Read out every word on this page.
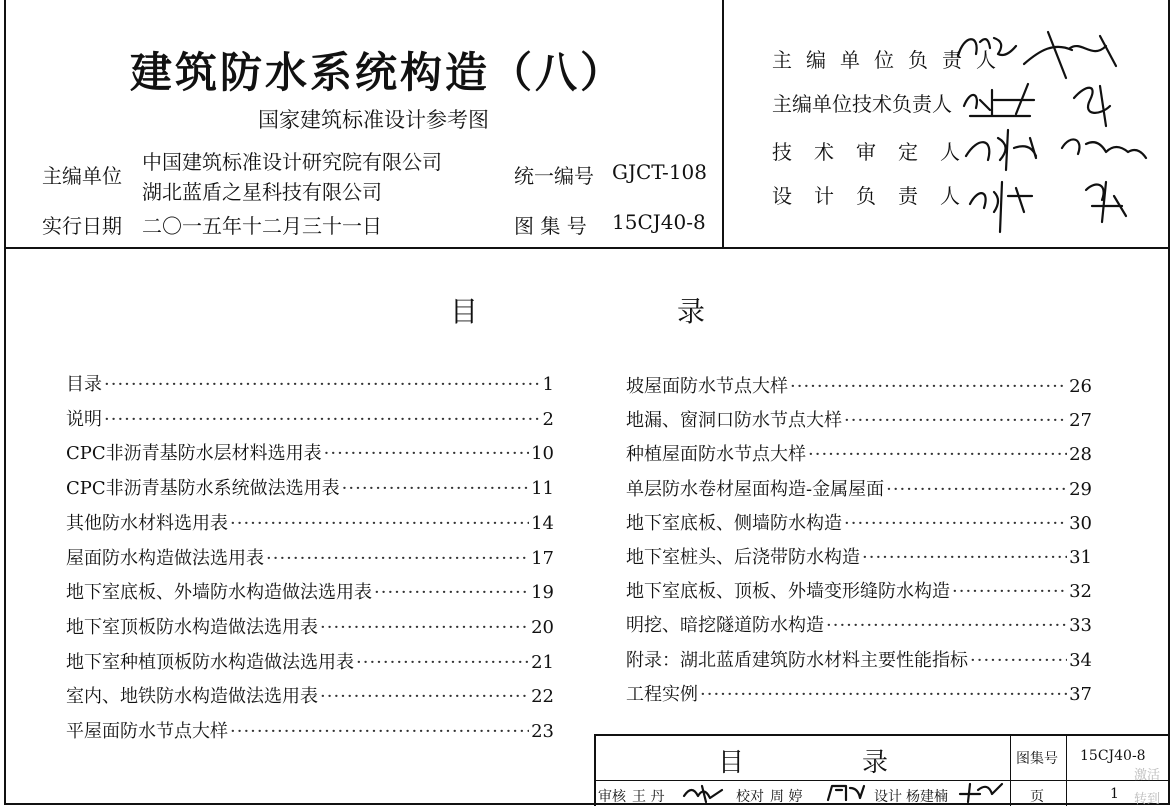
建筑防水系统构造（八）
国家建筑标准设计参考图
主编单位
中国建筑标准设计研究院有限公司
湖北蓝盾之星科技有限公司
统一编号 GJCT-108
实行日期 二〇一五年十二月三十一日	图 集 号 15CJ40-8
主编单位负责人
主编单位技术负责人
技术审定人
设计负责人
目	录
目录 ·····	1
说明 ·····	2
CPC非沥青基防水层材料选用表 ·····	10
CPC非沥青基防水系统做法选用表 ·····	11
其他防水材料选用表 ·····	14
屋面防水构造做法选用表 ·····	17
地下室底板、外墙防水构造做法选用表 ·····	19
地下室顶板防水构造做法选用表 ·····	20
地下室种植顶板防水构造做法选用表 ·····	21
室内、地铁防水构造做法选用表 ·····	22
平屋面防水节点大样 ·····	23
坡屋面防水节点大样 ·····	26
地漏、窗洞口防水节点大样 ·····	27
种植屋面防水节点大样 ·····	28
单层防水卷材屋面构造-金属屋面 ·····	29
地下室底板、侧墙防水构造 ·····	30
地下室桩头、后浇带防水构造 ·····	31
地下室底板、顶板、外墙变形缝防水构造 ·····	32
明挖、暗挖隧道防水构造 ·····	33
附录：湖北蓝盾建筑防水材料主要性能指标 ·····	34
工程实例 ·····	37
目	录	图集号 15CJ40-8
审核 王 丹	校对 周 婷	设计 杨建楠	页	1
激活
转到
